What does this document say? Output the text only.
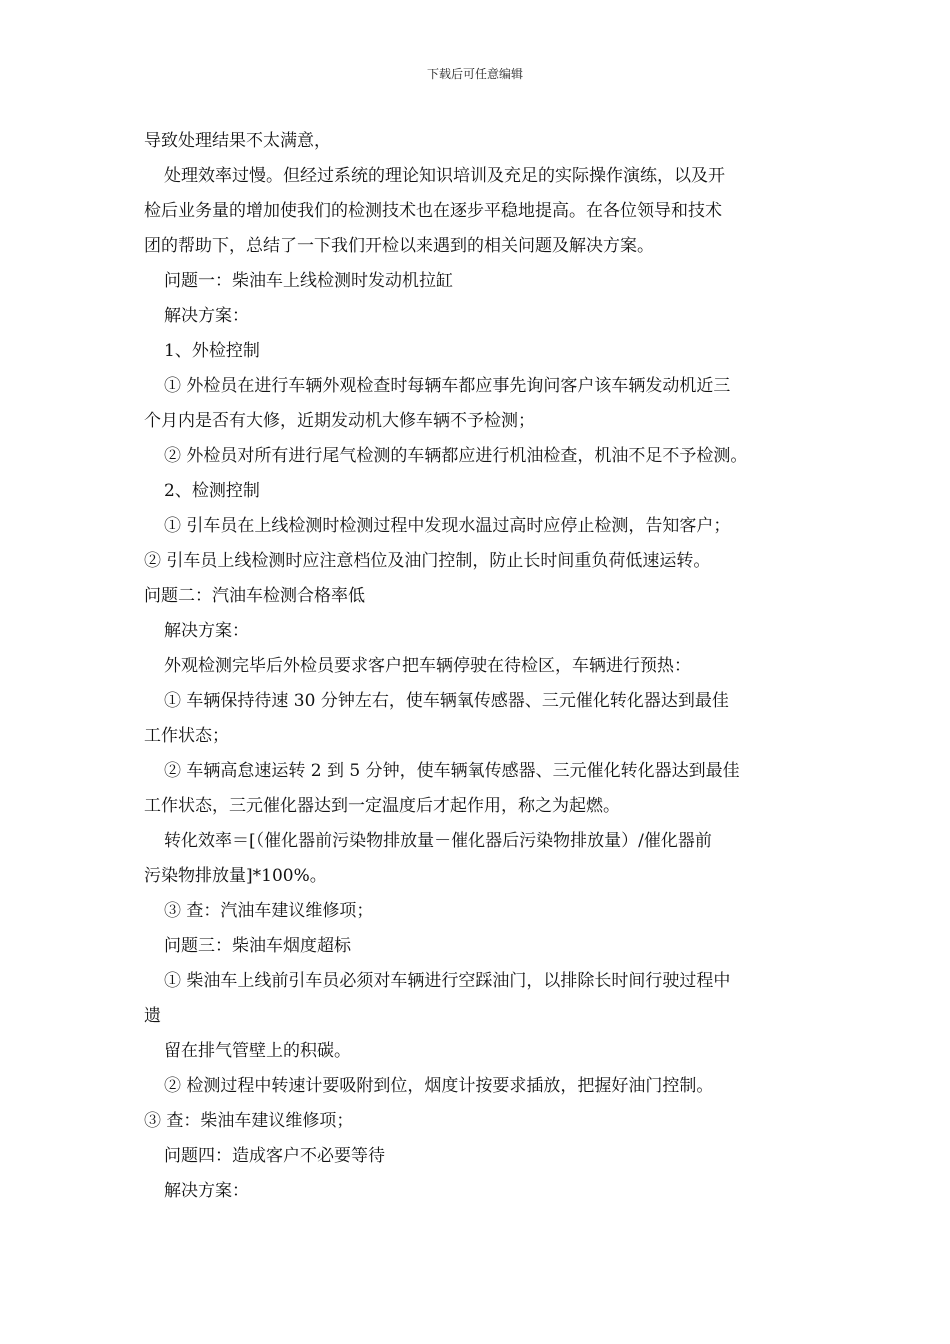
下载后可任意编辑
导致处理结果不太满意，
处理效率过慢。但经过系统的理论知识培训及充足的实际操作演练，以及开
检后业务量的增加使我们的检测技术也在逐步平稳地提高。在各位领导和技术
团的帮助下，总结了一下我们开检以来遇到的相关问题及解决方案。
问题一：柴油车上线检测时发动机拉缸
解决方案：
1、外检控制
① 外检员在进行车辆外观检查时每辆车都应事先询问客户该车辆发动机近三
个月内是否有大修，近期发动机大修车辆不予检测；
② 外检员对所有进行尾气检测的车辆都应进行机油检查，机油不足不予检测。
2、检测控制
① 引车员在上线检测时检测过程中发现水温过高时应停止检测，告知客户；
② 引车员上线检测时应注意档位及油门控制，防止长时间重负荷低速运转。
问题二：汽油车检测合格率低
解决方案：
外观检测完毕后外检员要求客户把车辆停驶在待检区，车辆进行预热：
① 车辆保持待速 30 分钟左右，使车辆氧传感器、三元催化转化器达到最佳
工作状态；
② 车辆高怠速运转 2 到 5 分钟，使车辆氧传感器、三元催化转化器达到最佳
工作状态，三元催化器达到一定温度后才起作用，称之为起燃。
转化效率＝[（催化器前污染物排放量－催化器后污染物排放量）/催化器前
污染物排放量]*100%。
③ 查：汽油车建议维修项；
问题三：柴油车烟度超标
① 柴油车上线前引车员必须对车辆进行空踩油门，以排除长时间行驶过程中
遗
留在排气管壁上的积碳。
② 检测过程中转速计要吸附到位，烟度计按要求插放，把握好油门控制。
③ 查：柴油车建议维修项；
问题四：造成客户不必要等待
解决方案：
